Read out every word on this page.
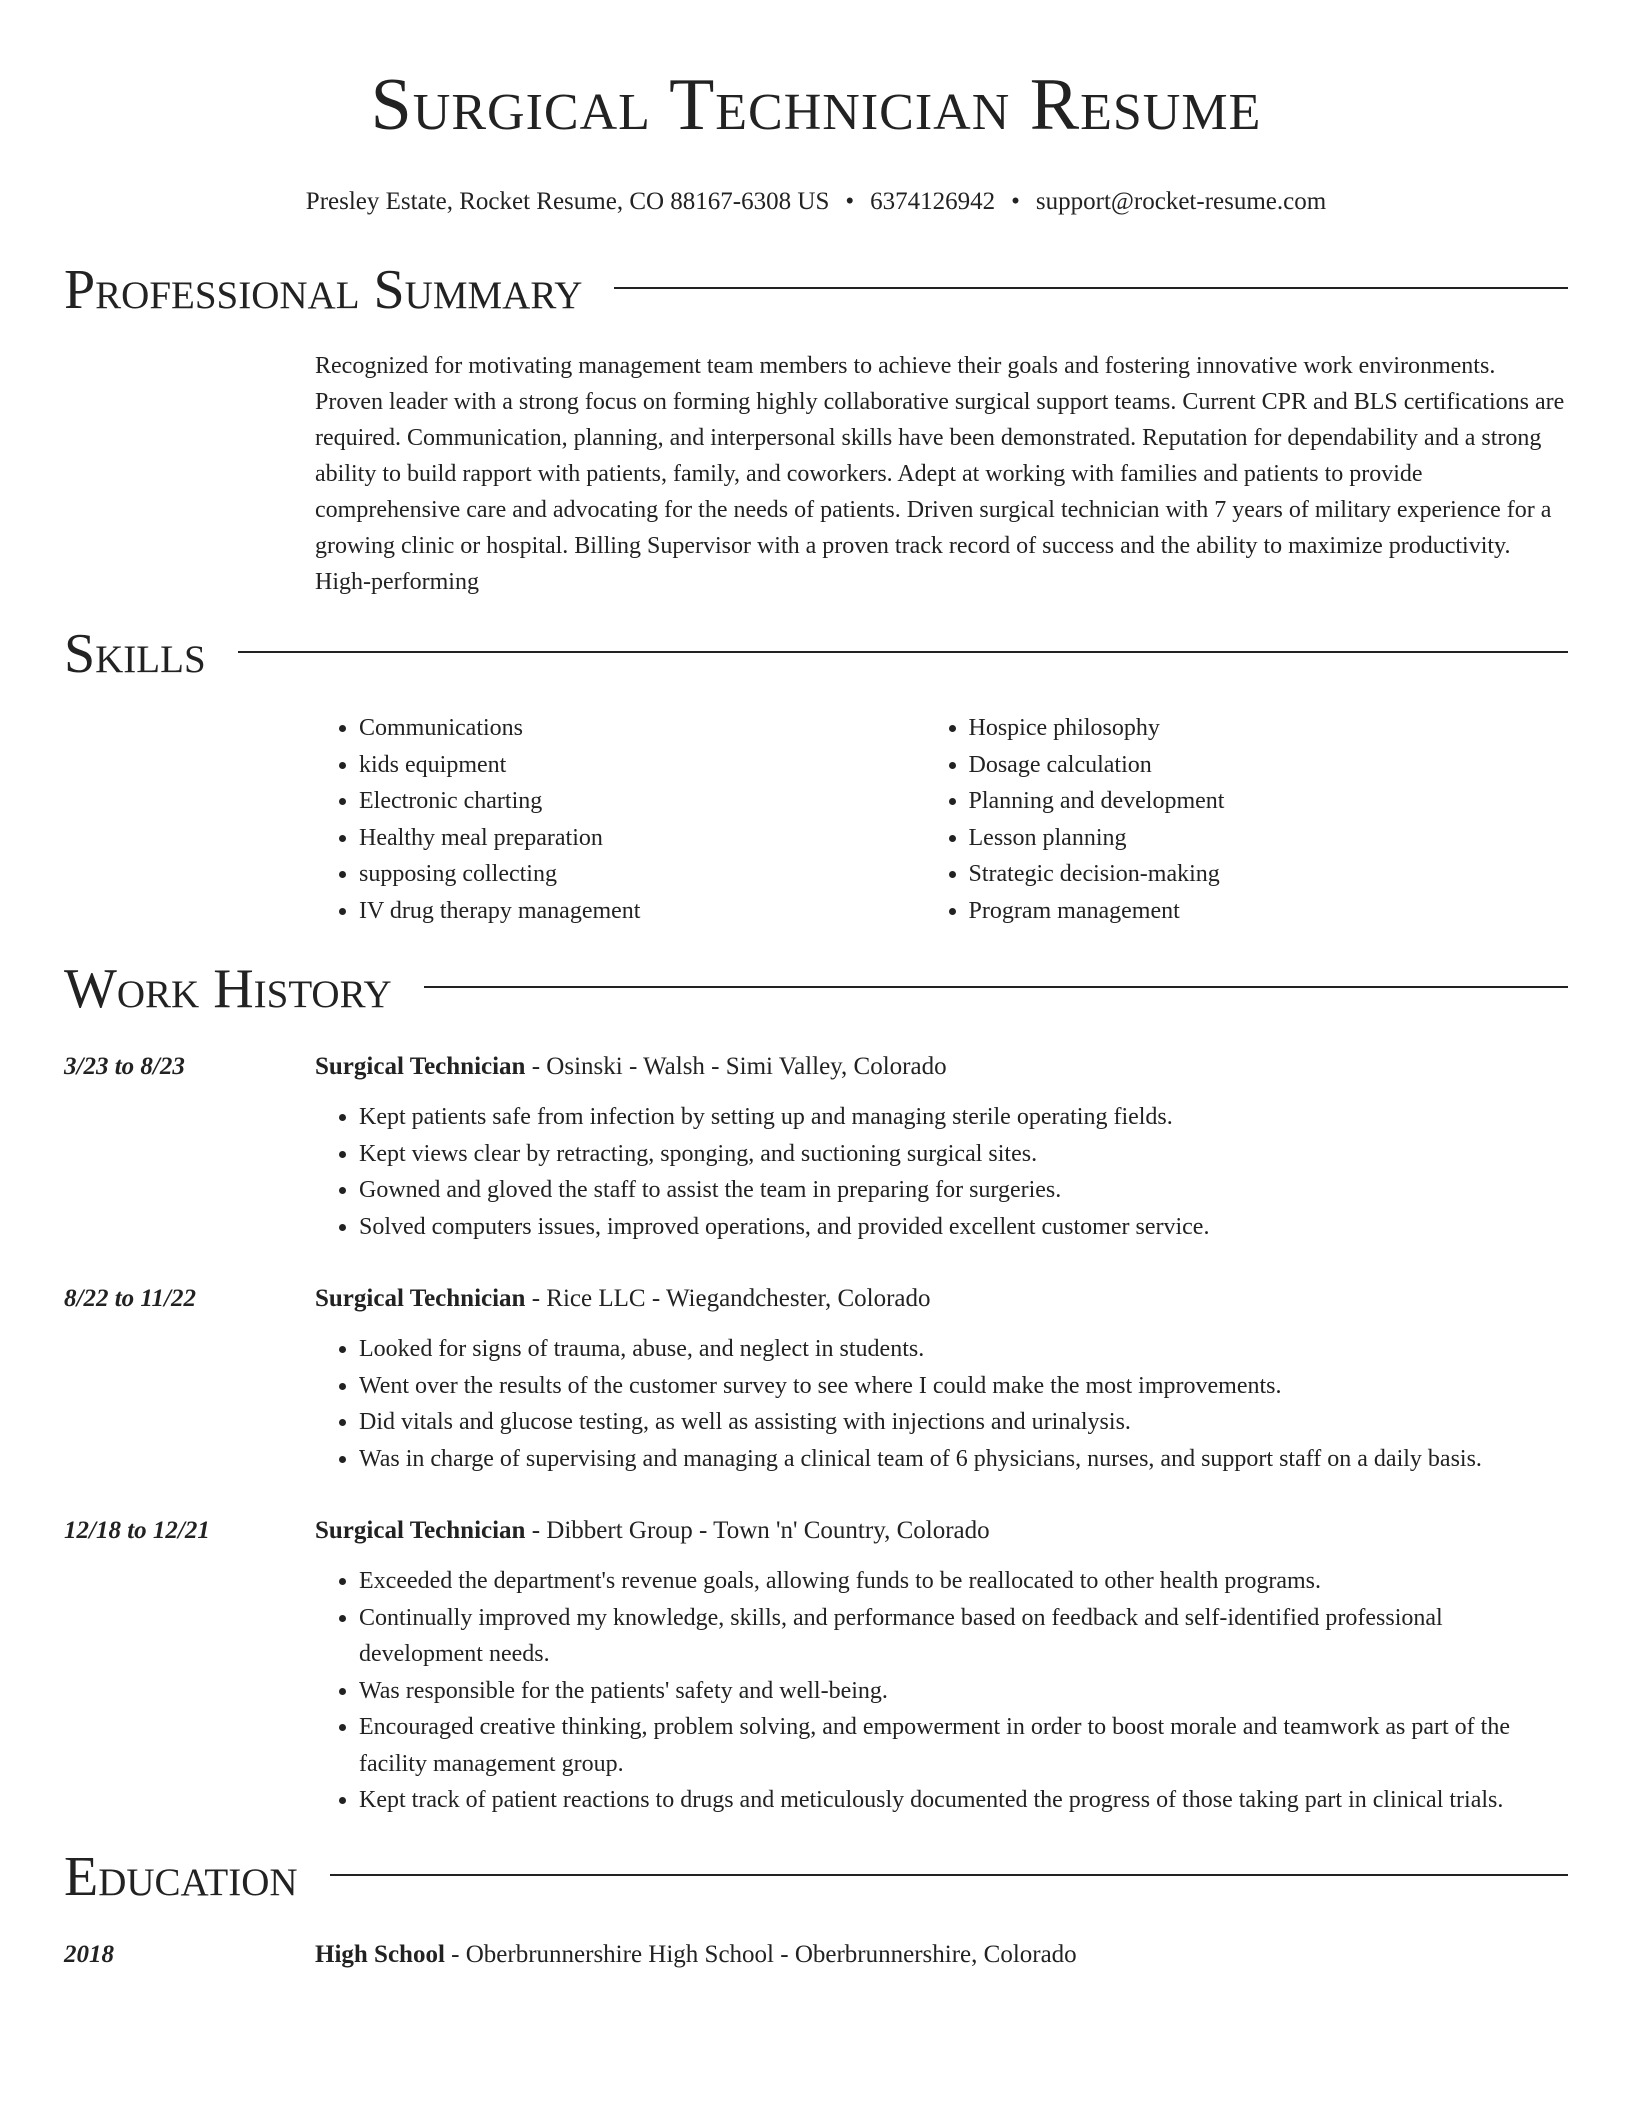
Surgical Technician Resume
Presley Estate, Rocket Resume, CO 88167-6308 US • 6374126942 • support@rocket-resume.com
Professional Summary

Recognized for motivating management team members to achieve their goals and fostering innovative work environments. Proven leader with a strong focus on forming highly collaborative surgical support teams. Current CPR and BLS certifications are required. Communication, planning, and interpersonal skills have been demonstrated. Reputation for dependability and a strong ability to build rapport with patients, family, and coworkers. Adept at working with families and patients to provide comprehensive care and advocating for the needs of patients. Driven surgical technician with 7 years of military experience for a growing clinic or hospital. Billing Supervisor with a proven track record of success and the ability to maximize productivity. High-performing

Skills
• Communications
• kids equipment
• Electronic charting
• Healthy meal preparation
• supposing collecting
• IV drug therapy management
• Hospice philosophy
• Dosage calculation
• Planning and development
• Lesson planning
• Strategic decision-making
• Program management
Work History
3/23 to 8/23	Surgical Technician - Osinski - Walsh - Simi Valley, Colorado
• Kept patients safe from infection by setting up and managing sterile operating fields.
• Kept views clear by retracting, sponging, and suctioning surgical sites.
• Gowned and gloved the staff to assist the team in preparing for surgeries.
• Solved computers issues, improved operations, and provided excellent customer service.
8/22 to 11/22	Surgical Technician - Rice LLC - Wiegandchester, Colorado
• Looked for signs of trauma, abuse, and neglect in students.
• Went over the results of the customer survey to see where I could make the most improvements.
• Did vitals and glucose testing, as well as assisting with injections and urinalysis.
• Was in charge of supervising and managing a clinical team of 6 physicians, nurses, and support staff on a daily basis.
12/18 to 12/21	Surgical Technician - Dibbert Group - Town 'n' Country, Colorado
• Exceeded the department's revenue goals, allowing funds to be reallocated to other health programs.
• Continually improved my knowledge, skills, and performance based on feedback and self-identified professional development needs.
• Was responsible for the patients' safety and well-being.
• Encouraged creative thinking, problem solving, and empowerment in order to boost morale and teamwork as part of the facility management group.
• Kept track of patient reactions to drugs and meticulously documented the progress of those taking part in clinical trials.
Education
2018	High School - Oberbrunnershire High School - Oberbrunnershire, Colorado
